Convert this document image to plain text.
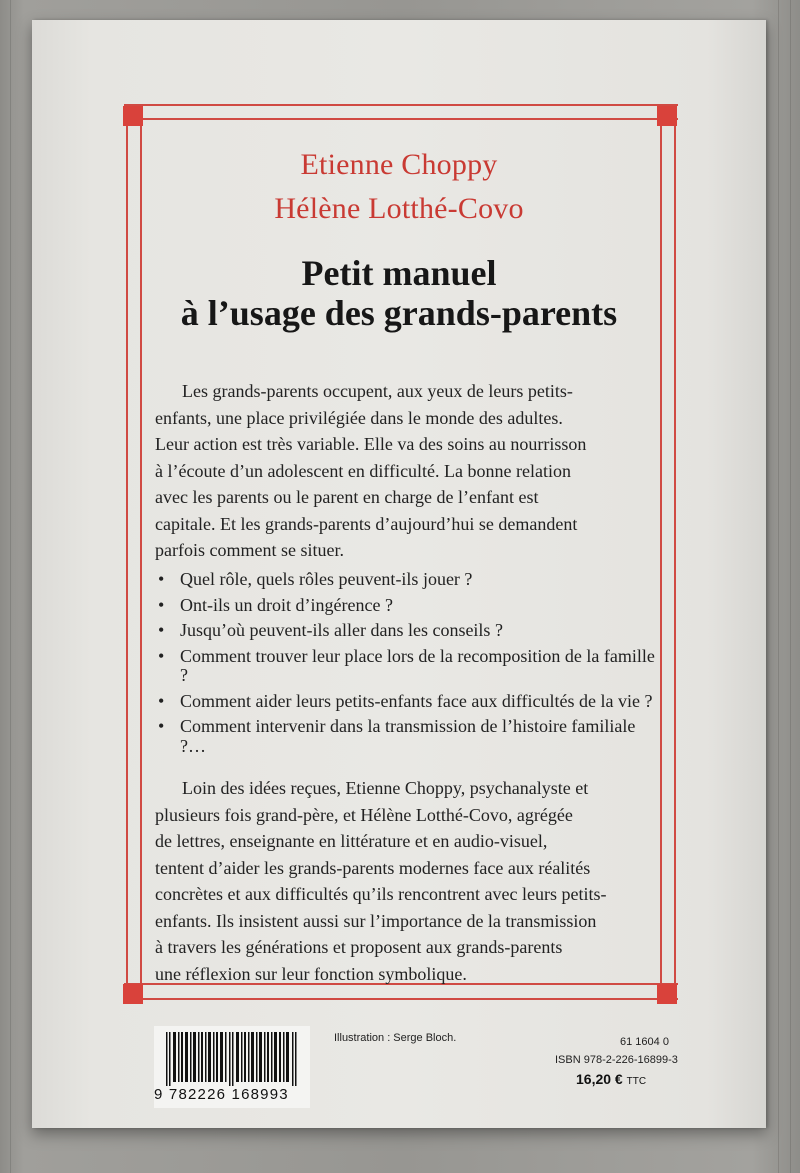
Etienne Choppy

Hélène Lotthé-Covo

Petit manuel

à l’usage des grands-parents

Les grands-parents occupent, aux yeux de leurs petits-

enfants, une place privilégiée dans le monde des adultes.

Leur action est très variable. Elle va des soins au nourrisson

à l’écoute d’un adolescent en difficulté. La bonne relation

avec les parents ou le parent en charge de l’enfant est

capitale. Et les grands-parents d’aujourd’hui se demandent

parfois comment se situer.

• Quel rôle, quels rôles peuvent-ils jouer ?
• Ont-ils un droit d’ingérence ?
• Jusqu’où peuvent-ils aller dans les conseils ?
• Comment trouver leur place lors de la recomposition de la famille ?
• Comment aider leurs petits-enfants face aux difficultés de la vie ?
• Comment intervenir dans la transmission de l’histoire familiale ?…

Loin des idées reçues, Etienne Choppy, psychanalyste et

plusieurs fois grand-père, et Hélène Lotthé-Covo, agrégée

de lettres, enseignante en littérature et en audio-visuel,

tentent d’aider les grands-parents modernes face aux réalités

concrètes et aux difficultés qu’ils rencontrent avec leurs petits-

enfants. Ils insistent aussi sur l’importance de la transmission

à travers les générations et proposent aux grands-parents

une réflexion sur leur fonction symbolique.

9 782226 168993
Illustration : Serge Bloch.	61 1604 0
ISBN 978-2-226-16899-3
16,20 € TTC
